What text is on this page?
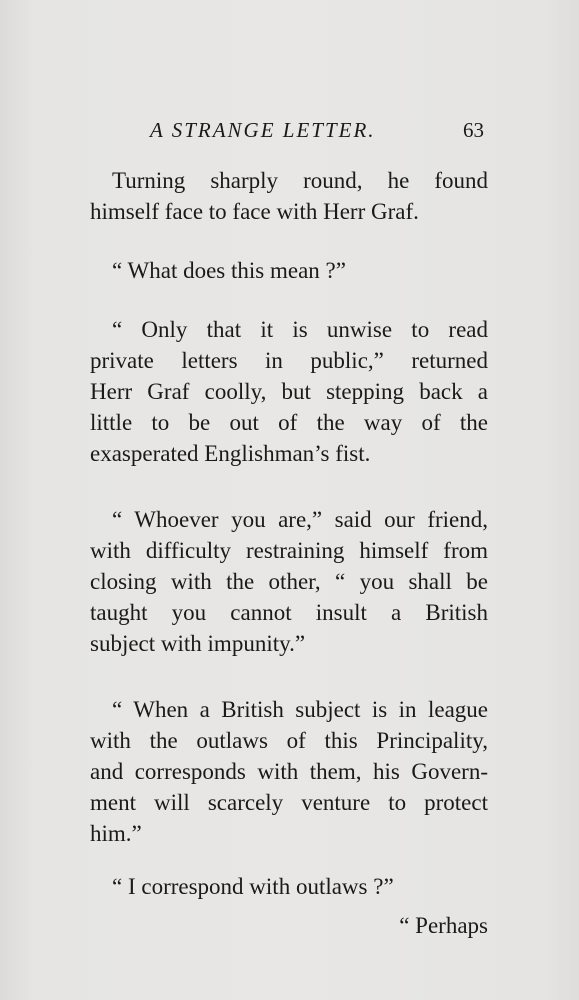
A STRANGE LETTER.	63

Turning sharply round, he found
himself face to face with Herr Graf.

“ What does this mean ?”

“ Only that it is unwise to read
private letters in public,” returned
Herr Graf coolly, but stepping back a
little to be out of the way of the
exasperated Englishman’s fist.

“ Whoever you are,” said our friend,
with difficulty restraining himself from
closing with the other, “ you shall be
taught you cannot insult a British
subject with impunity.”

“ When a British subject is in league
with the outlaws of this Principality,
and corresponds with them, his Govern-
ment will scarcely venture to protect
him.”

“ I correspond with outlaws ?”

“ Perhaps
